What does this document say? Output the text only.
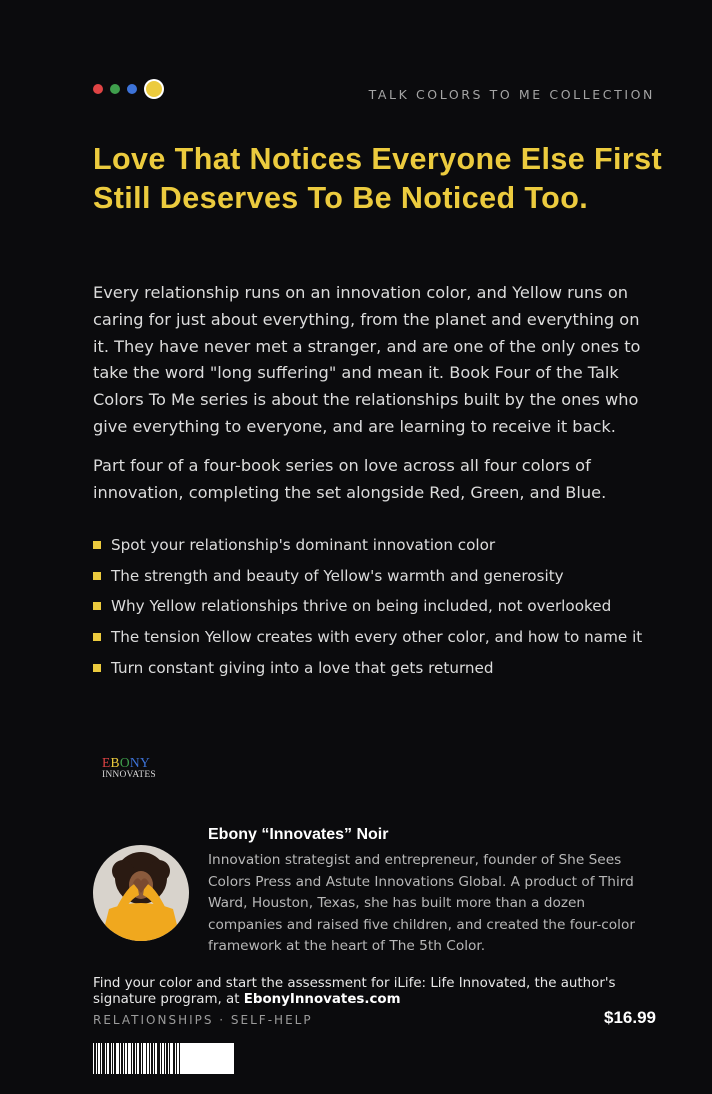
TALK COLORS TO ME COLLECTION
Love That Notices Everyone Else First Still Deserves To Be Noticed Too.

Every relationship runs on an innovation color, and Yellow runs on caring for just about everything, from the planet and everything on it. They have never met a stranger, and are one of the only ones to take the word "long suffering" and mean it. Book Four of the Talk Colors To Me series is about the relationships built by the ones who give everything to everyone, and are learning to receive it back.

Part four of a four-book series on love across all four colors of innovation, completing the set alongside Red, Green, and Blue.

Spot your relationship's dominant innovation color
The strength and beauty of Yellow's warmth and generosity
Why Yellow relationships thrive on being included, not overlooked
The tension Yellow creates with every other color, and how to name it
Turn constant giving into a love that gets returned
EBONY
INNOVATES
Ebony “Innovates” Noir

Innovation strategist and entrepreneur, founder of She Sees Colors Press and Astute Innovations Global. A product of Third Ward, Houston, Texas, she has built more than a dozen companies and raised five children, and created the four-color framework at the heart of The 5th Color.

Find your color and start the assessment for iLife: Life Innovated, the author's signature program, at EbonyInnovates.com

RELATIONSHIPS · SELF-HELP	$16.99
